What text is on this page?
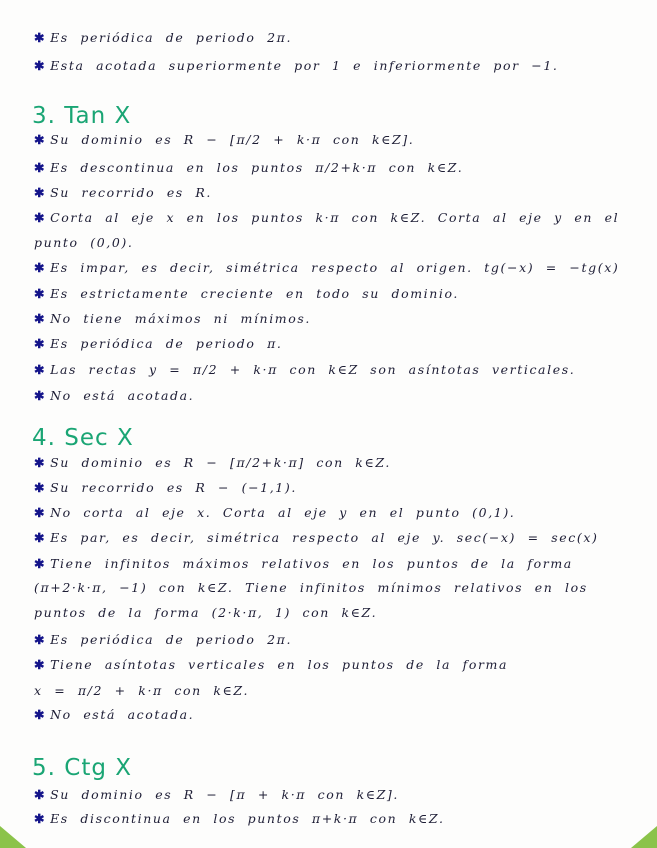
✱ Es periódica de periodo 2π.
✱ Esta acotada superiormente por 1 e inferiormente por −1.
3. Tan X
✱ Su dominio es R − [π/2 + k·π con k∈Z].
✱ Es descontinua en los puntos π/2+k·π con k∈Z.
✱ Su recorrido es R.
✱ Corta al eje x en los puntos k·π con k∈Z. Corta al eje y en el
punto (0,0).
✱ Es impar, es decir, simétrica respecto al origen. tg(−x) = −tg(x)
✱ Es estrictamente creciente en todo su dominio.
✱ No tiene máximos ni mínimos.
✱ Es periódica de periodo π.
✱ Las rectas y = π/2 + k·π con k∈Z son asíntotas verticales.
✱ No está acotada.
4. Sec X
✱ Su dominio es R − [π/2+k·π] con k∈Z.
✱ Su recorrido es R − (−1,1).
✱ No corta al eje x. Corta al eje y en el punto (0,1).
✱ Es par, es decir, simétrica respecto al eje y. sec(−x) = sec(x)
✱ Tiene infinitos máximos relativos en los puntos de la forma
(π+2·k·π, −1) con k∈Z. Tiene infinitos mínimos relativos en los
puntos de la forma (2·k·π, 1) con k∈Z.
✱ Es periódica de periodo 2π.
✱ Tiene asíntotas verticales en los puntos de la forma
x = π/2 + k·π con k∈Z.
✱ No está acotada.
5. Ctg X
✱ Su dominio es R − [π + k·π con k∈Z].
✱ Es discontinua en los puntos π+k·π con k∈Z.
